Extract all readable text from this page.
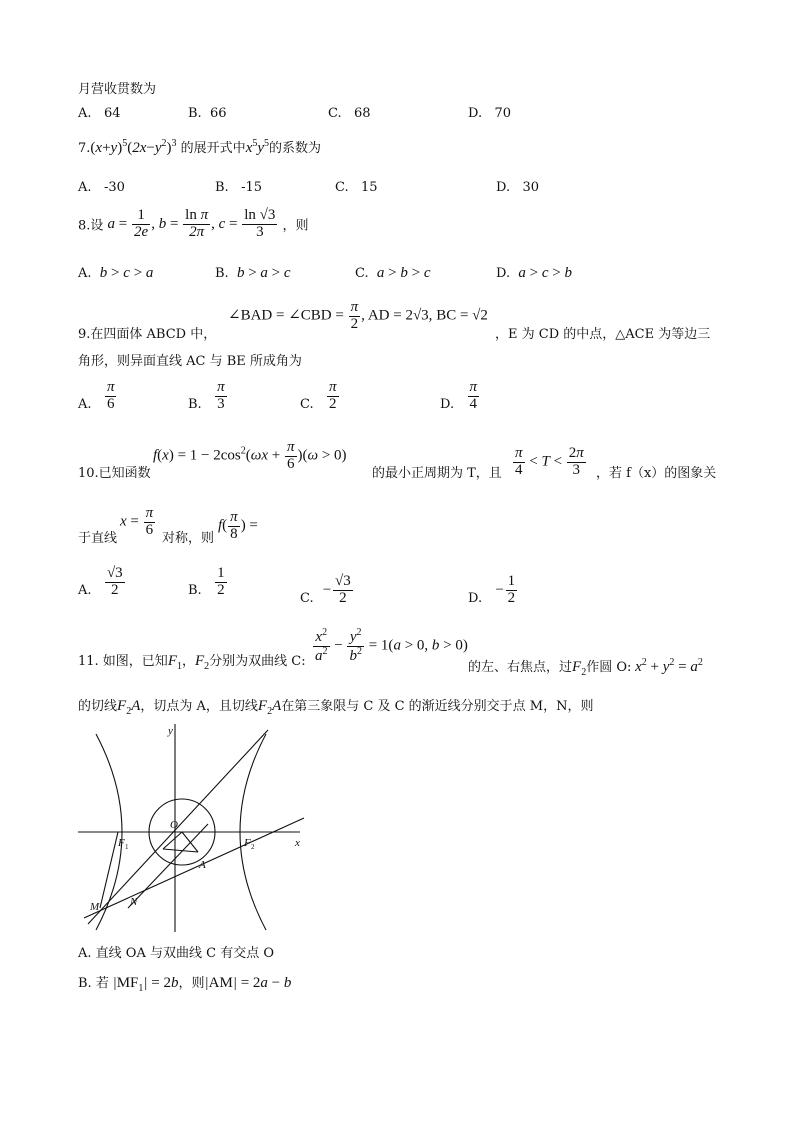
月营收贯数为
A. 64	B. 66	C. 68	D. 70
$7.(x+y)^5(2x-y^2)^3$ 的展开式中$x^5y^5$的系数为
A. -30	B. -15	C. 15	D. 30
8.设 $a = \frac{1}{2e}$ , $b = \frac{\text{ln π}}{2\pi}$ , $c = \frac{\ln √3}{3}$ ，则
A. b > c > a	B. b > a > c	C. a > b > c	D. a > c > b
9.在四面体 ABCD 中，
∠BAD = ∠CBD = $\frac{\pi}{2}$ , AD = 2√3, BC = √2
，E 为 CD 的中点，△ACE 为等边三
角形，则异面直线 AC 与 BE 所成角为
A. $\frac{\pi}{6}$	B. $\frac{\pi}{3}$	C. $\frac{\pi}{2}$	D. $\frac{\pi}{4}$
10.已知函数
$f(x) = 1 - 2\cos^2(\omega x + \frac{\pi}{6} )(\omega > 0)$
的最小正周期为 T，且 $\frac{\pi}{4} < T < \frac{2\pi}{3}$ ，若 f（x）的图象关
于直线
$x = \frac{\pi}{6}$ 对称，则
$f( \frac{\pi}{8}$ ) =
A. $\frac{√3}{2}$	B. $\frac{1}{2}$	C.  − $\frac{√3}{2}$	D.   − $\frac{1}{2}$
11. 如图，已知$F_1$，$F_2$分别为双曲线 C: $\frac{x^2}{a^2} - \frac{y^2}{b^2} = 1(a > 0$, b > 0)
的左、右焦点，过$F_2$作圆 O: $x^2 + y^2 = a^2$
的切线$F_2A$，切点为 A，且切线$F_2A$在第三象限与 C 及 C 的渐近线分别交于点 M，N，则
y
x
O
F 1	F 2
A
M	N
A. 直线 OA 与双曲线 C 有交点 O
B. 若 $|MF_1| = 2b$，则|AM| = 2a − b
